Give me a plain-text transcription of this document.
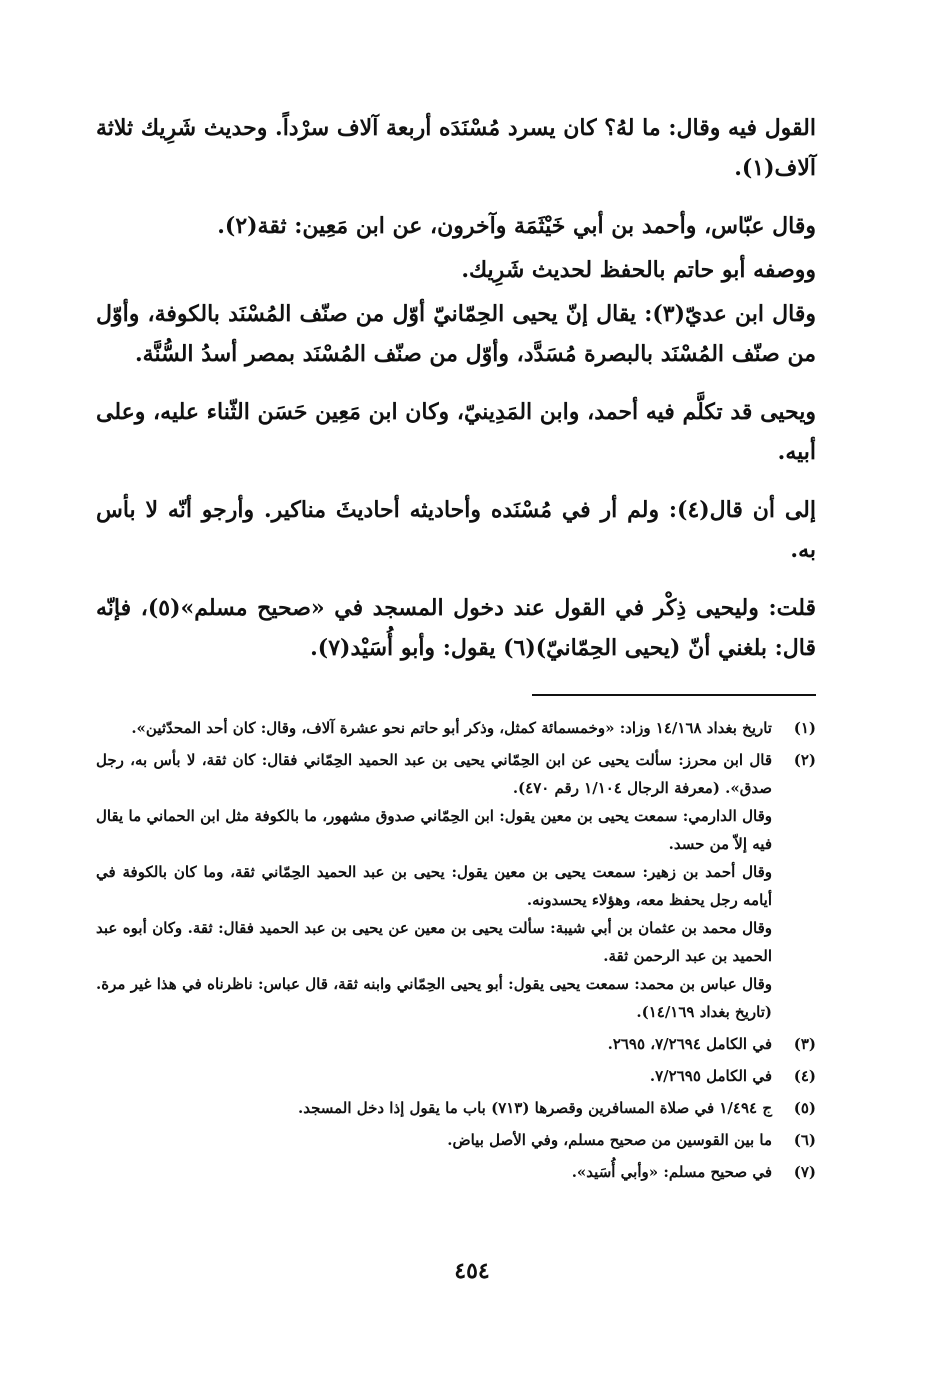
القول فيه وقال: ما لهُ؟ كان يسرد مُسْنَدَه أربعة آلاف سرْداً. وحديث شَرِيك ثلاثة آلاف(١).

وقال عبّاس، وأحمد بن أبي خَيْثَمَة وآخرون، عن ابن مَعِين: ثقة(٢).

ووصفه أبو حاتم بالحفظ لحديث شَرِيك.

وقال ابن عديّ(٣): يقال إنّ يحيى الحِمّانيّ أوّل من صنّف المُسْنَد بالكوفة، وأوّل من صنّف المُسْنَد بالبصرة مُسَدَّد، وأوّل من صنّف المُسْنَد بمصر أسدُ السُّنَّة.

ويحيى قد تكلَّم فيه أحمد، وابن المَدِينيّ، وكان ابن مَعِين حَسَن الثّناء عليه، وعلى أبيه.

إلى أن قال(٤): ولم أر في مُسْنَده وأحاديثه أحاديثَ مناكير. وأرجو أنّه لا بأس به.

قلت: وليحيى ذِكْر في القول عند دخول المسجد في «صحيح مسلم»(٥)، فإنّه قال: بلغني أنّ (يحيى الحِمّانيّ)(٦) يقول: وأبو أُسَيْد(٧).

(١)
تاريخ بغداد ١٤/١٦٨ وزاد: «وخمسمائة كمثل، وذكر أبو حاتم نحو عشرة آلاف، وقال: كان أحد المحدّثين».
(٢)
قال ابن محرز: سألت يحيى عن ابن الحِمّاني يحيى بن عبد الحميد الحِمّاني فقال: كان ثقة، لا بأس به، رجل صدق». (معرفة الرجال ١/١٠٤ رقم ٤٧٠).
وقال الدارمي: سمعت يحيى بن معين يقول: ابن الحِمّاني صدوق مشهور، ما بالكوفة مثل ابن الحماني ما يقال فيه إلاّ من حسد.
وقال أحمد بن زهير: سمعت يحيى بن معين يقول: يحيى بن عبد الحميد الحِمّاني ثقة، وما كان بالكوفة في أيامه رجل يحفظ معه، وهؤلاء يحسدونه.
وقال محمد بن عثمان بن أبي شيبة: سألت يحيى بن معين عن يحيى بن عبد الحميد فقال: ثقة. وكان أبوه عبد الحميد بن عبد الرحمن ثقة.
وقال عباس بن محمد: سمعت يحيى يقول: أبو يحيى الحِمّاني وابنه ثقة، قال عباس: ناظرناه في هذا غير مرة. (تاريخ بغداد ١٤/١٦٩).
(٣)
في الكامل ٧/٢٦٩٤، ٢٦٩٥.
(٤)
في الكامل ٧/٢٦٩٥.
(٥)
ج ١/٤٩٤ في صلاة المسافرين وقصرها (٧١٣) باب ما يقول إذا دخل المسجد.
(٦)
ما بين القوسين من صحيح مسلم، وفي الأصل بياض.
(٧)
في صحيح مسلم: «وأبي أُسَيد».
٤٥٤
